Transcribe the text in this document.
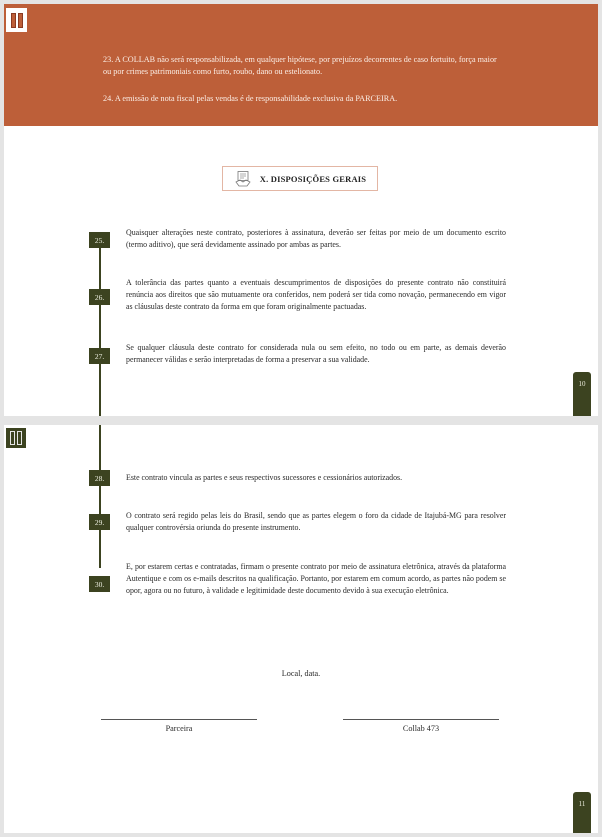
23. A COLLAB não será responsabilizada, em qualquer hipótese, por prejuízos decorrentes de caso fortuito, força maior ou por crimes patrimoniais como furto, roubo, dano ou estelionato.
24. A emissão de nota fiscal pelas vendas é de responsabilidade exclusiva da PARCEIRA.
X. DISPOSIÇÕES GERAIS
25.
Quaisquer alterações neste contrato, posteriores à assinatura, deverão ser feitas por meio de um documento escrito (termo aditivo), que será devidamente assinado por ambas as partes.
26.
A tolerância das partes quanto a eventuais descumprimentos de disposições do presente contrato não constituirá renúncia aos direitos que são mutuamente ora conferidos, nem poderá ser tida como novação, permanecendo em vigor as cláusulas deste contrato da forma em que foram originalmente pactuadas.
27.
Se qualquer cláusula deste contrato for considerada nula ou sem efeito, no todo ou em parte, as demais deverão permanecer válidas e serão interpretadas de forma a preservar a sua validade.
10
28.	Este contrato vincula as partes e seus respectivos sucessores e cessionários autorizados.
29.
O contrato será regido pelas leis do Brasil, sendo que as partes elegem o foro da cidade de Itajubá-MG para resolver qualquer controvérsia oriunda do presente instrumento.
30.
E, por estarem certas e contratadas, firmam o presente contrato por meio de assinatura eletrônica, através da plataforma Autentique e com os e-mails descritos na qualificação. Portanto, por estarem em comum acordo, as partes não podem se opor, agora ou no futuro, à validade e legitimidade deste documento devido à sua execução eletrônica.
Local, data.
Parceira	Collab 473
11
